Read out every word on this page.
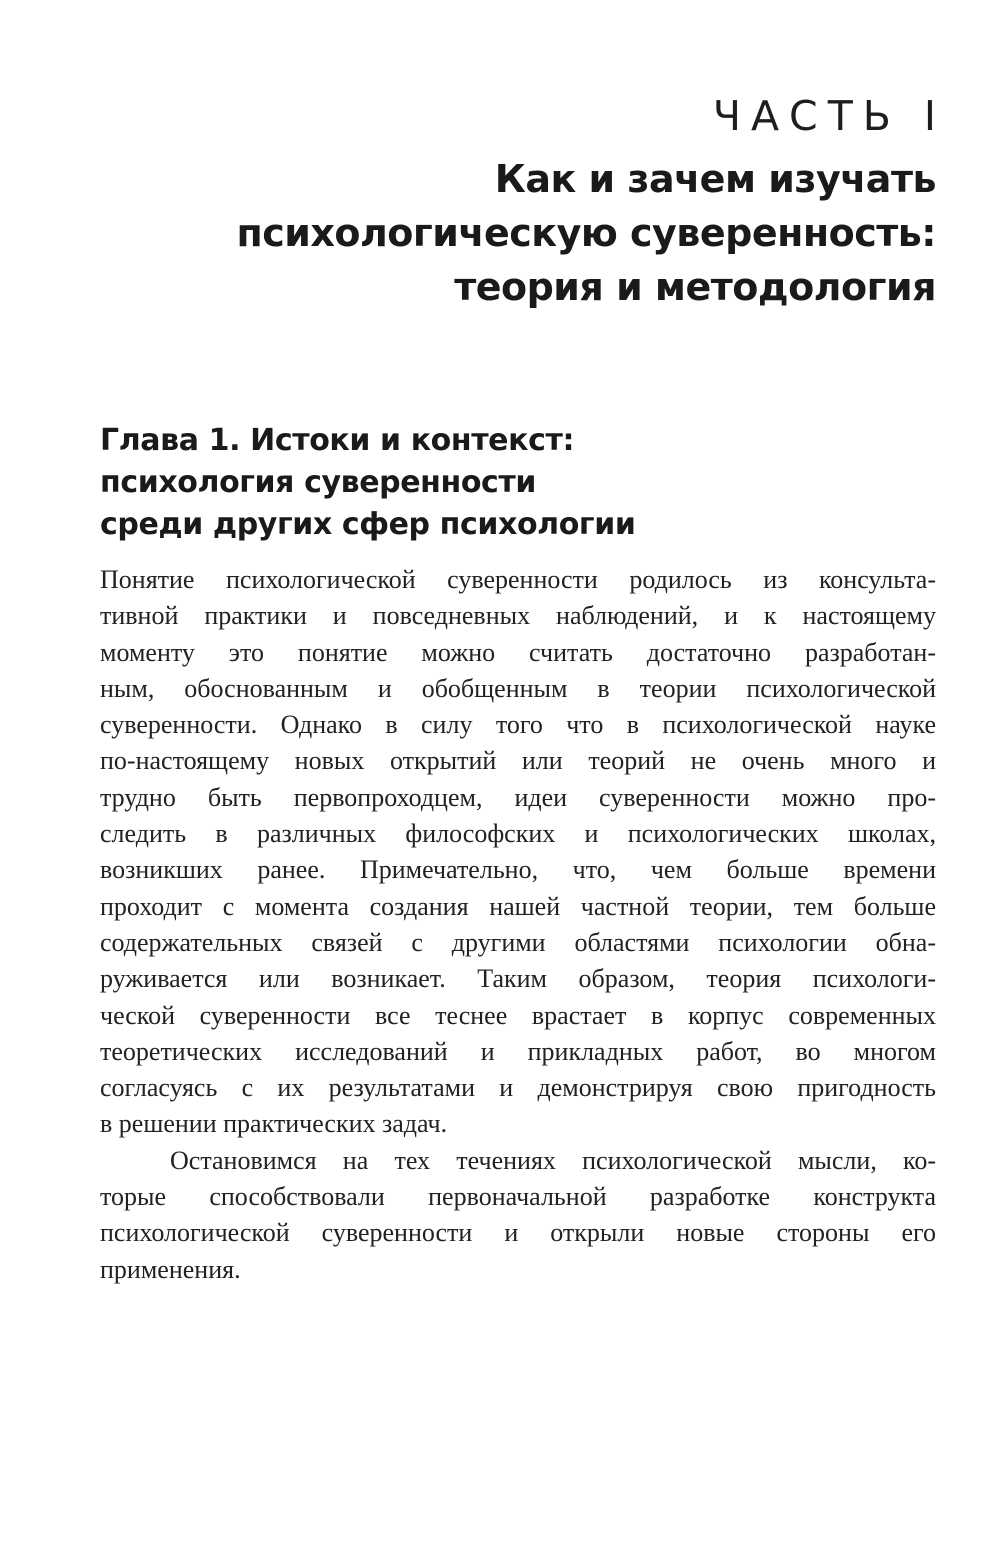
ЧАСТЬ I
Как и зачем изучать
психологическую суверенность:
теория и методология
Глава 1. Истоки и контекст:
психология суверенности
среди других сфер психологии

Понятие психологической суверенности родилось из консульта-
тивной практики и повседневных наблюдений, и к настоящему
моменту это понятие можно считать достаточно разработан-
ным, обоснованным и обобщенным в теории психологической
суверенности. Однако в силу того что в психологической науке
по-настоящему новых открытий или теорий не очень много и
трудно быть первопроходцем, идеи суверенности можно про-
следить в различных философских и психологических школах,
возникших ранее. Примечательно, что, чем больше времени
проходит с момента создания нашей частной теории, тем больше
содержательных связей с другими областями психологии обна-
руживается или возникает. Таким образом, теория психологи-
ческой суверенности все теснее врастает в корпус современных
теоретических исследований и прикладных работ, во многом
согласуясь с их результатами и демонстрируя свою пригодность
в решении практических задач.

Остановимся на тех течениях психологической мысли, ко-
торые способствовали первоначальной разработке конструкта
психологической суверенности и открыли новые стороны его
применения.
